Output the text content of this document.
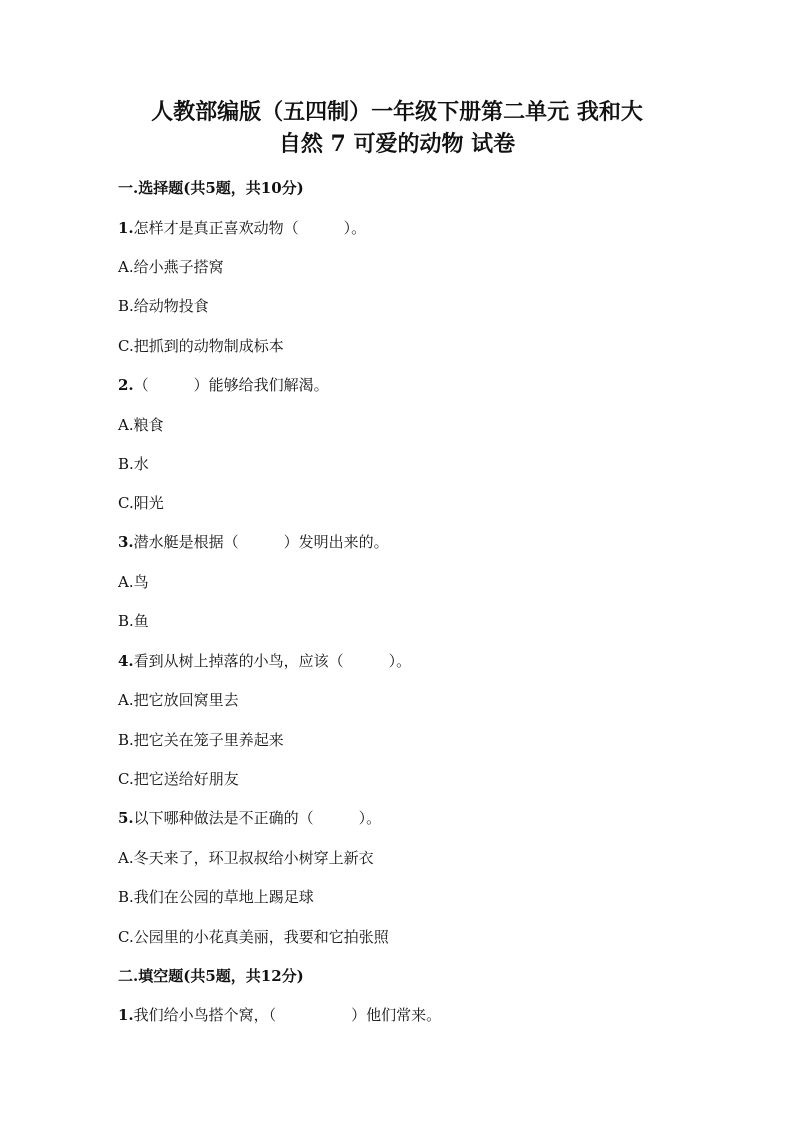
人教部编版（五四制）一年级下册第二单元 我和大
自然 7 可爱的动物 试卷
一.选择题(共5题，共10分)
1.怎样才是真正喜欢动物（　　　）。
A.给小燕子搭窝
B.给动物投食
C.把抓到的动物制成标本
2.（　　　）能够给我们解渴。
A.粮食
B.水
C.阳光
3.潜水艇是根据（　　　）发明出来的。
A.鸟
B.鱼
4.看到从树上掉落的小鸟，应该（　　　）。
A.把它放回窝里去
B.把它关在笼子里养起来
C.把它送给好朋友
5.以下哪种做法是不正确的（　　　）。
A.冬天来了，环卫叔叔给小树穿上新衣
B.我们在公园的草地上踢足球
C.公园里的小花真美丽，我要和它拍张照
二.填空题(共5题，共12分)
1.我们给小鸟搭个窝，（　　　　　）他们常来。
